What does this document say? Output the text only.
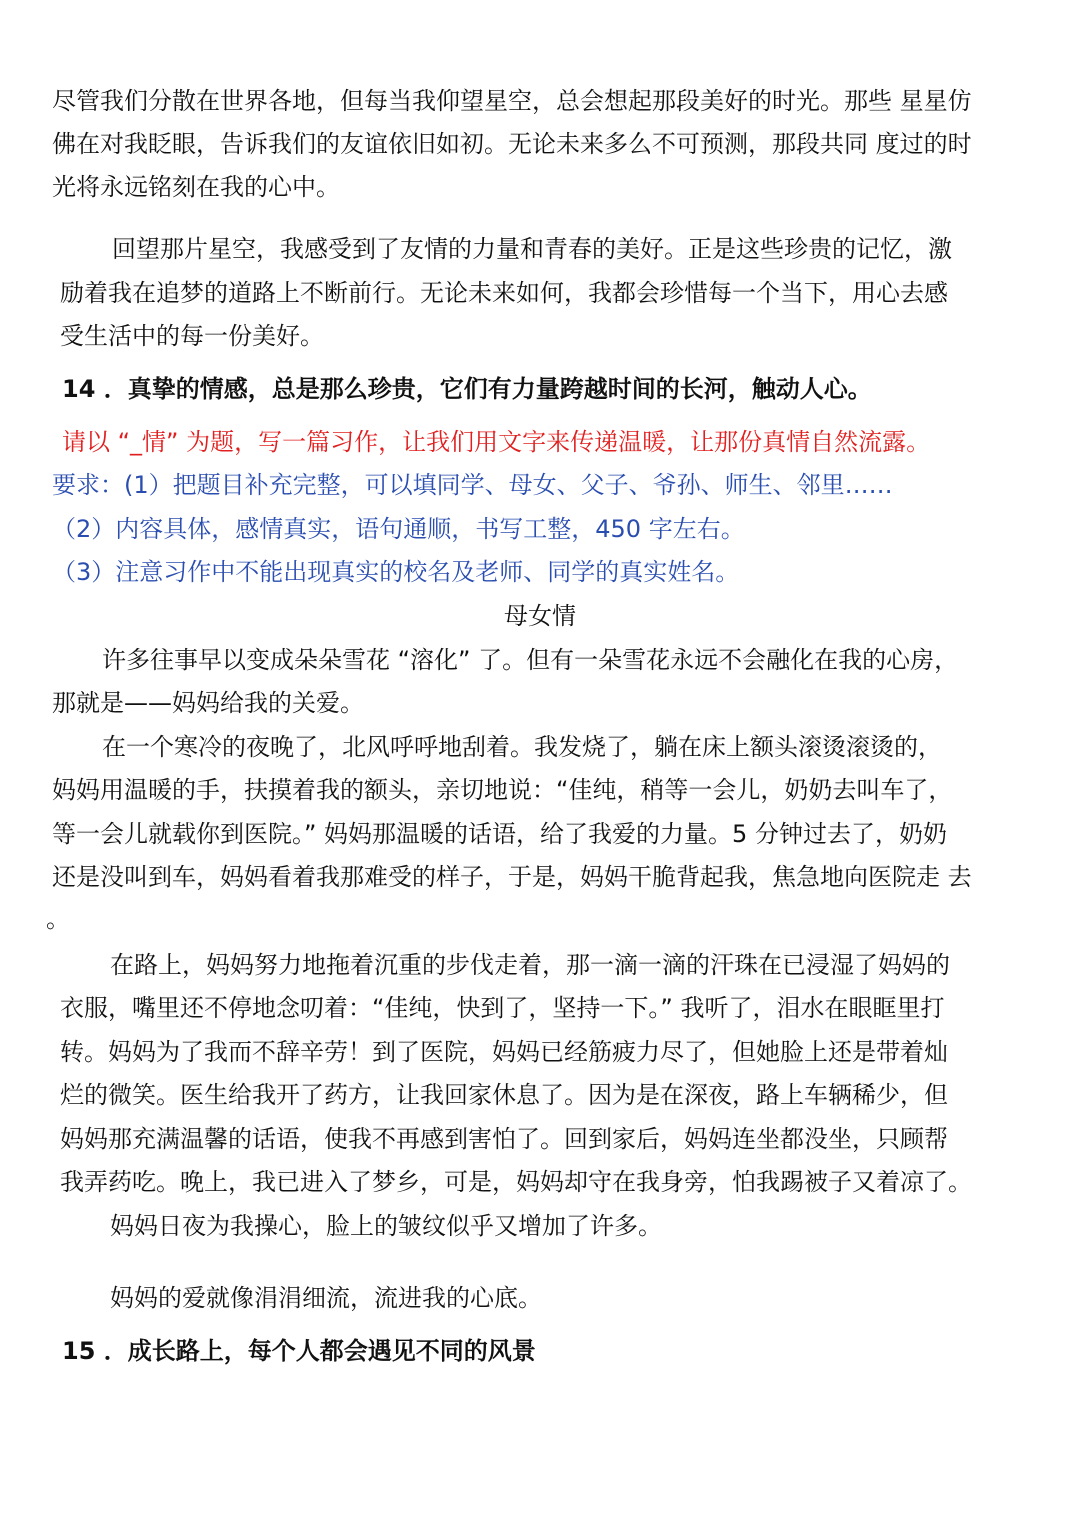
尽管我们分散在世界各地，但每当我仰望星空，总会想起那段美好的时光。那些 星星仿
佛在对我眨眼，告诉我们的友谊依旧如初。无论未来多么不可预测，那段共同 度过的时
光将永远铭刻在我的心中。
回望那片星空，我感受到了友情的力量和青春的美好。正是这些珍贵的记忆，激
励着我在追梦的道路上不断前行。无论未来如何，我都会珍惜每一个当下，用心去感
受生活中的每一份美好。
14 ．真挚的情感，总是那么珍贵，它们有力量跨越时间的长河，触动人心。
请以 “_情” 为题，写一篇习作，让我们用文字来传递温暖，让那份真情自然流露。
要求：(1）把题目补充完整，可以填同学、母女、父子、爷孙、师生、邻里……
（2）内容具体，感情真实，语句通顺，书写工整，450 字左右。
（3）注意习作中不能出现真实的校名及老师、同学的真实姓名。
母女情
许多往事早以变成朵朵雪花 “溶化” 了。但有一朵雪花永远不会融化在我的心房，
那就是——妈妈给我的关爱。
在一个寒冷的夜晚了，北风呼呼地刮着。我发烧了，躺在床上额头滚烫滚烫的，
妈妈用温暖的手，扶摸着我的额头，亲切地说：“佳纯，稍等一会儿，奶奶去叫车了，
等一会儿就载你到医院。” 妈妈那温暖的话语，给了我爱的力量。5 分钟过去了，奶奶
还是没叫到车，妈妈看着我那难受的样子，于是，妈妈干脆背起我，焦急地向医院走 去
。
在路上，妈妈努力地拖着沉重的步伐走着，那一滴一滴的汗珠在已浸湿了妈妈的
衣服，嘴里还不停地念叨着：“佳纯，快到了，坚持一下。” 我听了，泪水在眼眶里打
转。妈妈为了我而不辞辛劳！到了医院，妈妈已经筋疲力尽了，但她脸上还是带着灿
烂的微笑。医生给我开了药方，让我回家休息了。因为是在深夜，路上车辆稀少，但
妈妈那充满温馨的话语，使我不再感到害怕了。回到家后，妈妈连坐都没坐，只顾帮
我弄药吃。晚上，我已进入了梦乡，可是，妈妈却守在我身旁，怕我踢被子又着凉了。
妈妈日夜为我操心，脸上的皱纹似乎又增加了许多。
妈妈的爱就像涓涓细流，流进我的心底。
15 ．成长路上，每个人都会遇见不同的风景
